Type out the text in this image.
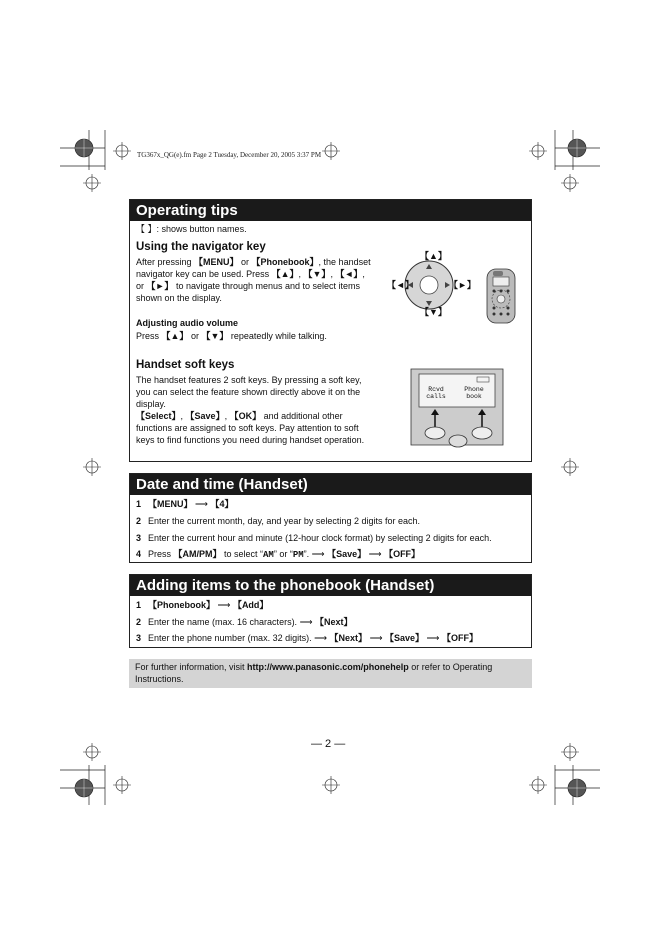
TG367x_QG(e).fm Page 2 Tuesday, December 20, 2005 3:37 PM
Operating tips
【 】: shows button names.
Using the navigator key
After pressing 【MENU】 or 【Phonebook】, the handset navigator key can be used. Press 【▲】, 【▼】, 【◄】, or 【►】 to navigate through menus and to select items shown on the display.
Adjusting audio volume
Press 【▲】 or 【▼】 repeatedly while talking.
Handset soft keys
The handset features 2 soft keys. By pressing a soft key, you can select the feature shown directly above it on the display.
【Select】, 【Save】, 【OK】 and additional other functions are assigned to soft keys. Pay attention to soft keys to find functions you need during handset operation.
【▲】
【▼】
【◄】	【►】
Rcvd
calls
Phone
book
Date and time (Handset)
1 【MENU】 ⟶ 【4】
2 Enter the current month, day, and year by selecting 2 digits for each.
3 Enter the current hour and minute (12-hour clock format) by selecting 2 digits for each.
4 Press 【AM/PM】 to select “AM” or “PM”. ⟶ 【Save】 ⟶ 【OFF】
Adding items to the phonebook (Handset)
1 【Phonebook】 ⟶ 【Add】
2 Enter the name (max. 16 characters). ⟶ 【Next】
3 Enter the phone number (max. 32 digits). ⟶ 【Next】 ⟶ 【Save】 ⟶ 【OFF】
For further information, visit http://www.panasonic.com/phonehelp or refer to Operating Instructions.
— 2 —
